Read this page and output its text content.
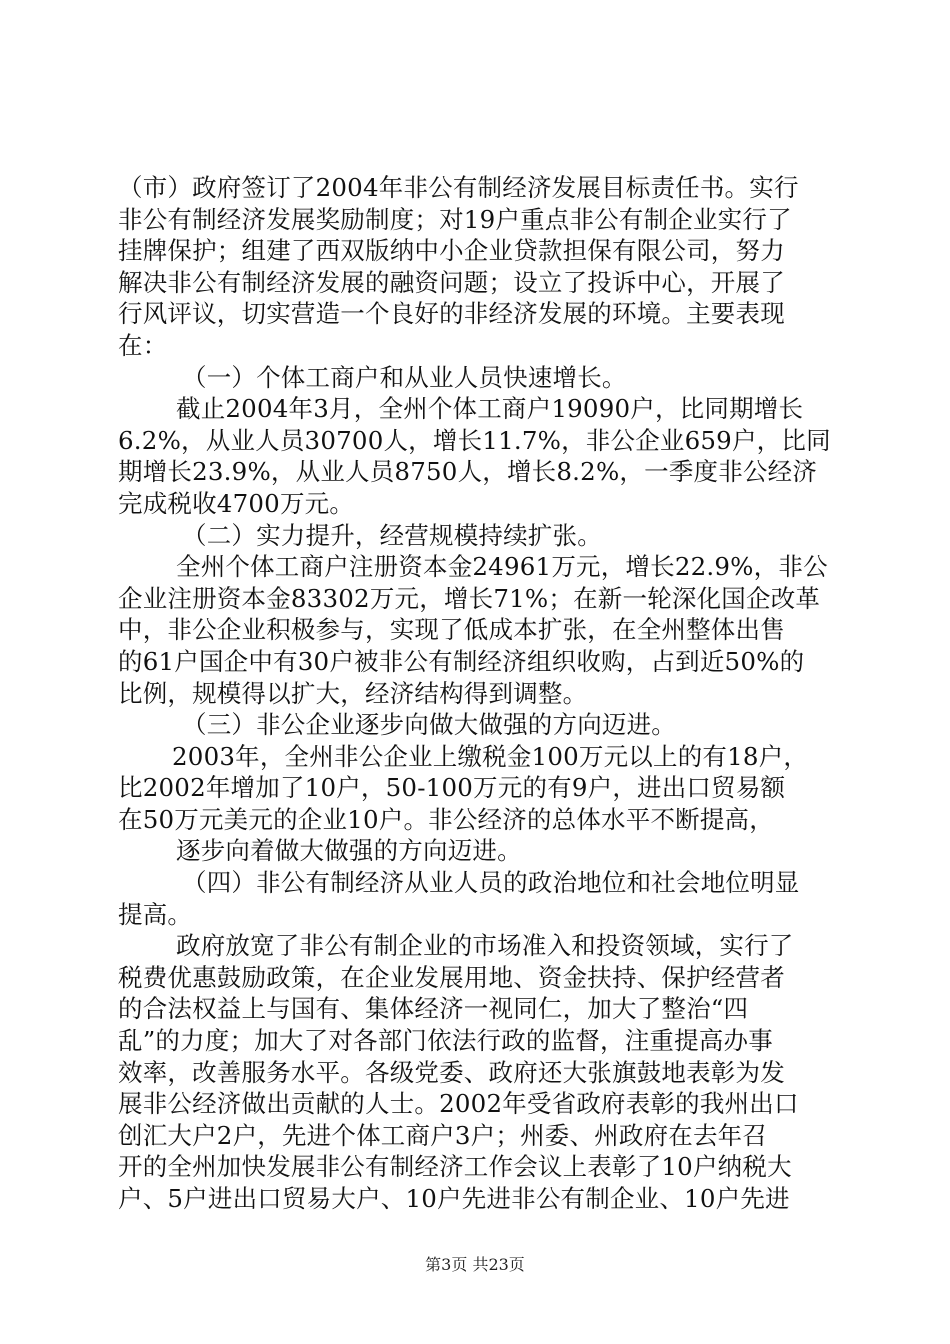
（市）政府签订了2004年非公有制经济发展目标责任书。实行
非公有制经济发展奖励制度；对19户重点非公有制企业实行了
挂牌保护；组建了西双版纳中小企业贷款担保有限公司，努力
解决非公有制经济发展的融资问题；设立了投诉中心，开展了
行风评议，切实营造一个良好的非经济发展的环境。主要表现
在：
（一）个体工商户和从业人员快速增长。
截止2004年3月，全州个体工商户19090户，比同期增长
6.2%，从业人员30700人，增长11.7%，非公企业659户，比同
期增长23.9%，从业人员8750人，增长8.2%，一季度非公经济
完成税收4700万元。
（二）实力提升，经营规模持续扩张。
全州个体工商户注册资本金24961万元，增长22.9%，非公
企业注册资本金83302万元，增长71%；在新一轮深化国企改革
中，非公企业积极参与，实现了低成本扩张，在全州整体出售
的61户国企中有30户被非公有制经济组织收购，占到近50%的
比例，规模得以扩大，经济结构得到调整。
（三）非公企业逐步向做大做强的方向迈进。
2003年，全州非公企业上缴税金100万元以上的有18户，
比2002年增加了10户，50-100万元的有9户，进出口贸易额
在50万元美元的企业10户。非公经济的总体水平不断提高，
逐步向着做大做强的方向迈进。
（四）非公有制经济从业人员的政治地位和社会地位明显
提高。
政府放宽了非公有制企业的市场准入和投资领域，实行了
税费优惠鼓励政策，在企业发展用地、资金扶持、保护经营者
的合法权益上与国有、集体经济一视同仁，加大了整治“四
乱”的力度；加大了对各部门依法行政的监督，注重提高办事
效率，改善服务水平。各级党委、政府还大张旗鼓地表彰为发
展非公经济做出贡献的人士。2002年受省政府表彰的我州出口
创汇大户2户，先进个体工商户3户；州委、州政府在去年召
开的全州加快发展非公有制经济工作会议上表彰了10户纳税大
户、5户进出口贸易大户、10户先进非公有制企业、10户先进
第3页 共23页
